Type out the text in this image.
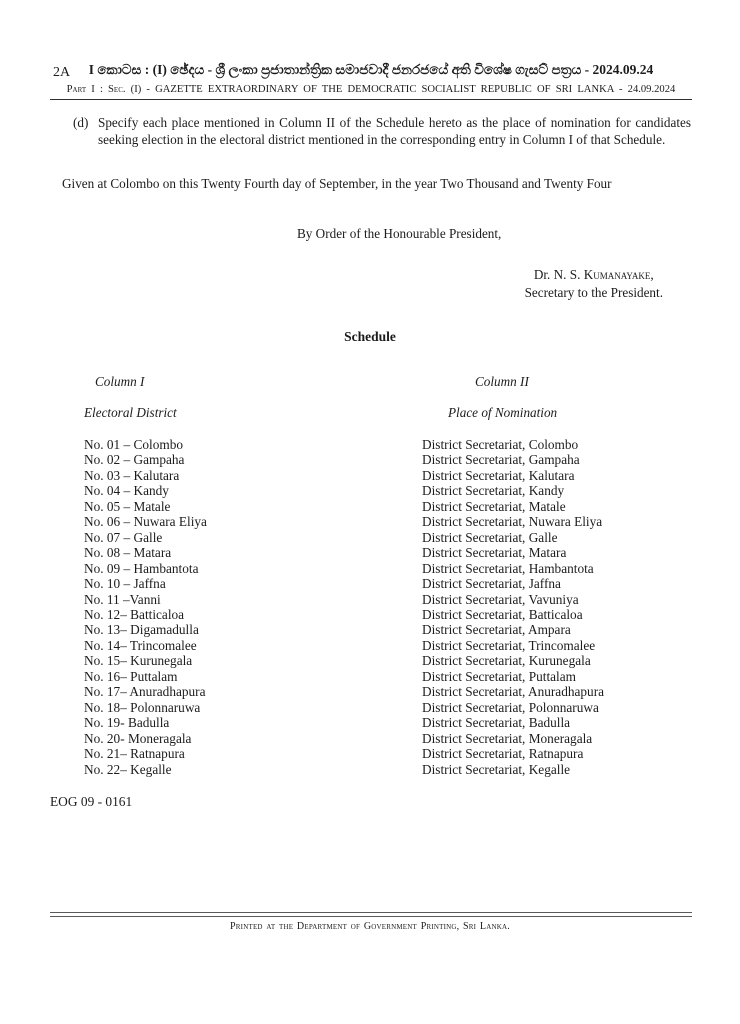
2A	I කොටස : (I) ඡේදය - ශ්‍රී ලංකා ප්‍රජාතාන්ත්‍රික සමාජවාදී ජනරජයේ අති විශේෂ ගැසට් පත්‍රය - 2024.09.24
Part I : Sec. (I) - GAZETTE EXTRAORDINARY OF THE DEMOCRATIC SOCIALIST REPUBLIC OF SRI LANKA - 24.09.2024
(d) Specify each place mentioned in Column II of the Schedule hereto as the place of nomination for candidates seeking election in the electoral district mentioned in the corresponding entry in Column I of that Schedule.
Given at Colombo on this Twenty Fourth day of September, in the year Two Thousand and Twenty Four
By Order of the Honourable President,
Dr. N. S. Kumanayake,
Secretary to the President.
Schedule
Column I	Column II
Electoral District	Place of Nomination
No. 01 – Colombo	District Secretariat, Colombo
No. 02 – Gampaha	District Secretariat, Gampaha
No. 03 – Kalutara	District Secretariat, Kalutara
No. 04 – Kandy	District Secretariat, Kandy
No. 05 – Matale	District Secretariat, Matale
No. 06 – Nuwara Eliya	District Secretariat, Nuwara Eliya
No. 07 – Galle	District Secretariat, Galle
No. 08 – Matara	District Secretariat, Matara
No. 09 – Hambantota	District Secretariat, Hambantota
No. 10 – Jaffna	District Secretariat, Jaffna
No. 11 –Vanni	District Secretariat, Vavuniya
No. 12– Batticaloa	District Secretariat, Batticaloa
No. 13– Digamadulla	District Secretariat, Ampara
No. 14– Trincomalee	District Secretariat, Trincomalee
No. 15– Kurunegala	District Secretariat, Kurunegala
No. 16– Puttalam	District Secretariat, Puttalam
No. 17– Anuradhapura	District Secretariat, Anuradhapura
No. 18– Polonnaruwa	District Secretariat, Polonnaruwa
No. 19- Badulla	District Secretariat, Badulla
No. 20- Moneragala	District Secretariat, Moneragala
No. 21– Ratnapura	District Secretariat, Ratnapura
No. 22– Kegalle	District Secretariat, Kegalle
EOG 09 - 0161
Printed at the Department of Government Printing, Sri Lanka.
